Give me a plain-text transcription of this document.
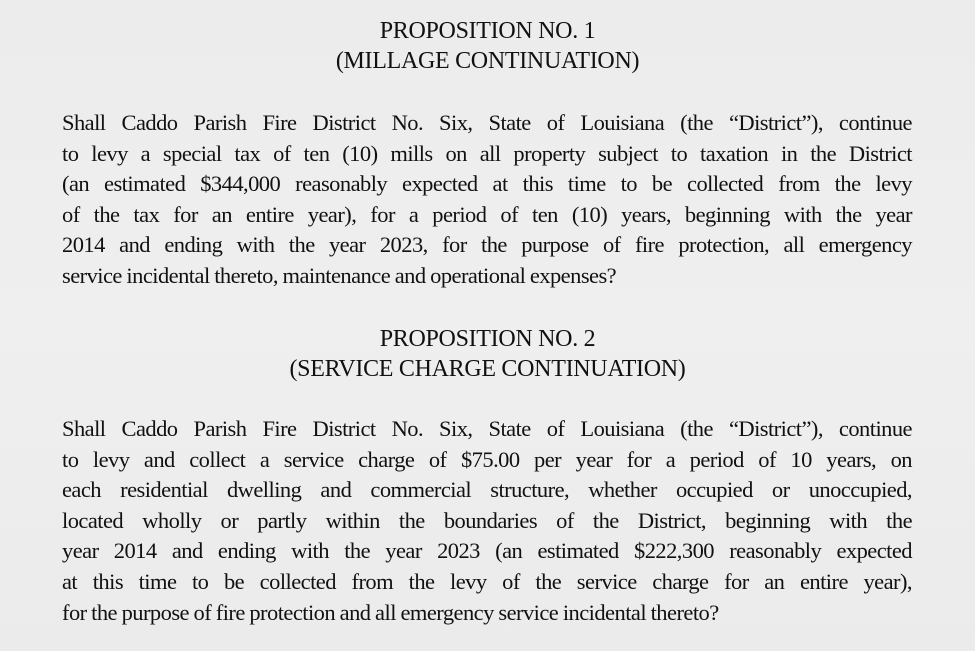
PROPOSITION NO. 1
(MILLAGE CONTINUATION)
Shall Caddo Parish Fire District No. Six, State of Louisiana (the “District”), continue
to levy a special tax of ten (10) mills on all property subject to taxation in the District
(an estimated $344,000 reasonably expected at this time to be collected from the levy
of the tax for an entire year), for a period of ten (10) years, beginning with the year
2014 and ending with the year 2023, for the purpose of fire protection, all emergency
service incidental thereto, maintenance and operational expenses?
PROPOSITION NO. 2
(SERVICE CHARGE CONTINUATION)
Shall Caddo Parish Fire District No. Six, State of Louisiana (the “District”), continue
to levy and collect a service charge of $75.00 per year for a period of 10 years, on
each residential dwelling and commercial structure, whether occupied or unoccupied,
located wholly or partly within the boundaries of the District, beginning with the
year 2014 and ending with the year 2023 (an estimated $222,300 reasonably expected
at this time to be collected from the levy of the service charge for an entire year),
for the purpose of fire protection and all emergency service incidental thereto?
